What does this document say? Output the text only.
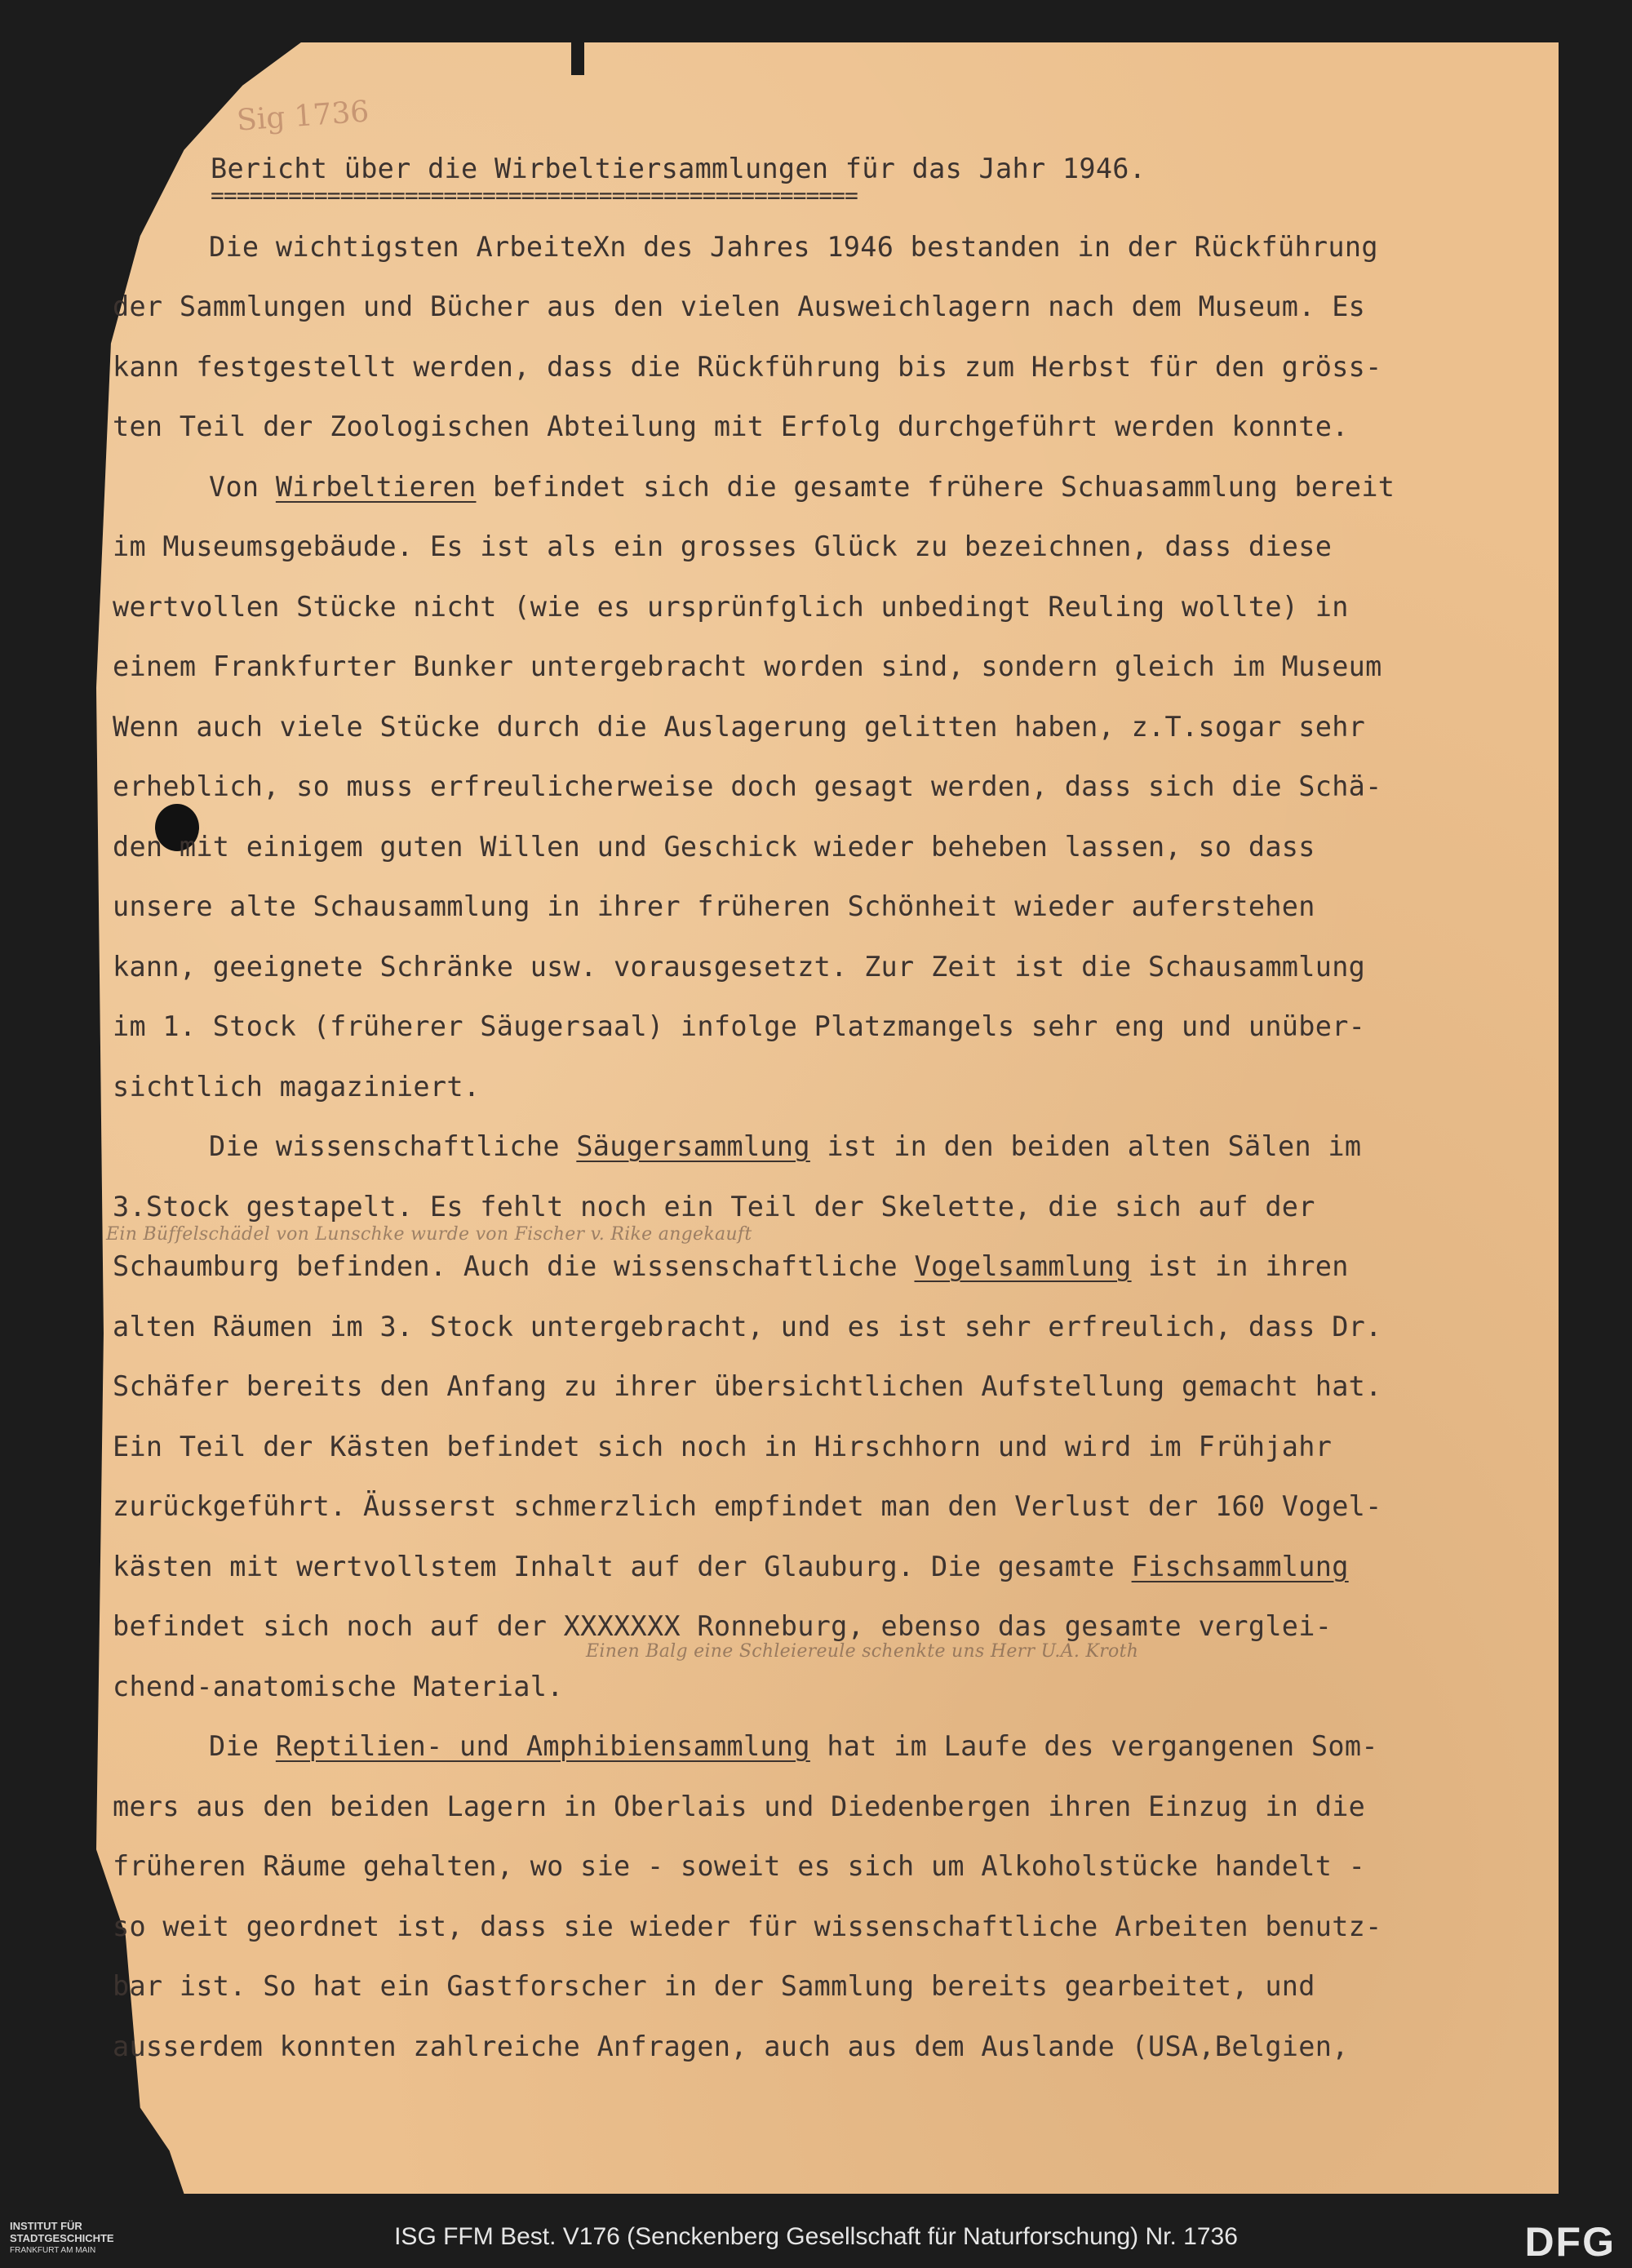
Sig 1736
Bericht über die Wirbeltiersammlungen für das Jahr 1946.
==================================================
Die wichtigsten ArbeiteXn des Jahres 1946 bestanden in der Rückführung
der Sammlungen und Bücher aus den vielen Ausweichlagern nach dem Museum. Es
kann festgestellt werden, dass die Rückführung bis zum Herbst für den gröss-
ten Teil der Zoologischen Abteilung mit Erfolg durchgeführt werden konnte.
Von Wirbeltieren befindet sich die gesamte frühere Schuasammlung bereit
im Museumsgebäude. Es ist als ein grosses Glück zu bezeichnen, dass diese
wertvollen Stücke nicht (wie es ursprünfglich unbedingt Reuling wollte) in
einem Frankfurter Bunker untergebracht worden sind, sondern gleich im Museum
Wenn auch viele Stücke durch die Auslagerung gelitten haben, z.T.sogar sehr
erheblich, so muss erfreulicherweise doch gesagt werden, dass sich die Schä-
den mit einigem guten Willen und Geschick wieder beheben lassen, so dass
unsere alte Schausammlung in ihrer früheren Schönheit wieder auferstehen
kann, geeignete Schränke usw. vorausgesetzt. Zur Zeit ist die Schausammlung
im 1. Stock (früherer Säugersaal) infolge Platzmangels sehr eng und unüber-
sichtlich magaziniert.
Die wissenschaftliche Säugersammlung ist in den beiden alten Sälen im
3.Stock gestapelt. Es fehlt noch ein Teil der Skelette, die sich auf der
Schaumburg befinden. Auch die wissenschaftliche Vogelsammlung ist in ihren
alten Räumen im 3. Stock untergebracht, und es ist sehr erfreulich, dass Dr.
Schäfer bereits den Anfang zu ihrer übersichtlichen Aufstellung gemacht hat.
Ein Teil der Kästen befindet sich noch in Hirschhorn und wird im Frühjahr
zurückgeführt. Äusserst schmerzlich empfindet man den Verlust der 160 Vogel-
kästen mit wertvollstem Inhalt auf der Glauburg. Die gesamte Fischsammlung
befindet sich noch auf der XXXXXXX Ronneburg, ebenso das gesamte verglei-
chend-anatomische Material.
Ein Büffelschädel von Lunschke wurde von Fischer v. Rike angekauft
Einen Balg eine Schleiereule schenkte uns Herr U.A. Kroth
Die Reptilien- und Amphibiensammlung hat im Laufe des vergangenen Som-
mers aus den beiden Lagern in Oberlais und Diedenbergen ihren Einzug in die
früheren Räume gehalten, wo sie - soweit es sich um Alkoholstücke handelt -
so weit geordnet ist, dass sie wieder für wissenschaftliche Arbeiten benutz-
bar ist. So hat ein Gastforscher in der Sammlung bereits gearbeitet, und
ausserdem konnten zahlreiche Anfragen, auch aus dem Auslande (USA,Belgien,
INSTITUT FÜR
STADTGESCHICHTE
FRANKFURT AM MAIN
ISG FFM Best. V176 (Senckenberg Gesellschaft für Naturforschung) Nr. 1736	DFG
